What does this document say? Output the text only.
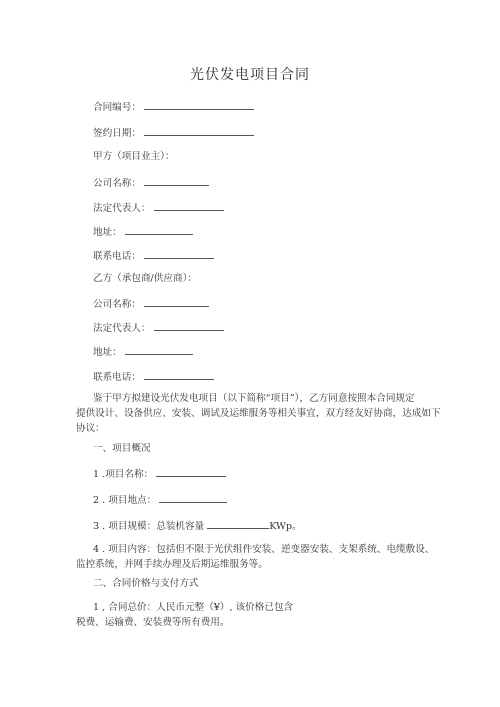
光伏发电项目合同
合同编号：
签约日期：
甲方（项目业主）：
公司名称：
法定代表人：
地址：
联系电话：
乙方（承包商/供应商）：
公司名称：
法定代表人：
地址：
联系电话：
鉴于甲方拟建设光伏发电项目（以下简称“项目”），乙方同意按照本合同规定
提供设计、设备供应、安装、调试及运维服务等相关事宜，双方经友好协商，达成如下
协议：
一、项目概况
1 .项目名称：
2 . 项目地点：
3 . 项目规模：总装机容量	KWp。
4 . 项目内容：包括但不限于光伏组件安装、逆变器安装、支架系统、电缆敷设、
监控系统，并网手续办理及后期运维服务等。
二、合同价格与支付方式
1 , 合同总价：人民币元整（¥）, 该价格已包含
税费、运输费、安装费等所有费用。
